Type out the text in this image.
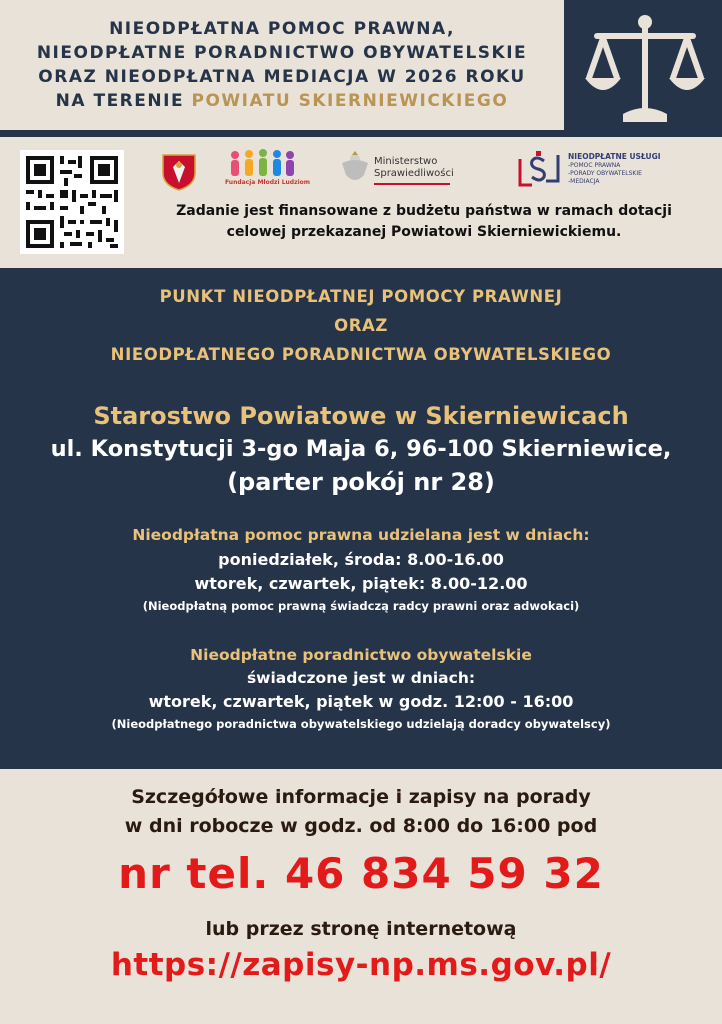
NIEODPŁATNA POMOC PRAWNA,
NIEODPŁATNE PORADNICTWO OBYWATELSKIE
ORAZ NIEODPŁATNA MEDIACJA W 2026 ROKU
NA TERENIE POWIATU SKIERNIEWICKIEGO
Fundacja Młodzi Ludziom
Ministerstwo
Sprawiedliwości
NIEODPŁATNE USŁUGI
-POMOC PRAWNA
-PORADY OBYWATELSKIE
-MEDIACJA
Zadanie jest finansowane z budżetu państwa w ramach dotacji
celowej przekazanej Powiatowi Skierniewickiemu.
PUNKT NIEODPŁATNEJ POMOCY PRAWNEJ
ORAZ
NIEODPŁATNEGO PORADNICTWA OBYWATELSKIEGO
Starostwo Powiatowe w Skierniewicach
ul. Konstytucji 3-go Maja 6, 96-100 Skierniewice,
(parter pokój nr 28)
Nieodpłatna pomoc prawna udzielana jest w dniach:
poniedziałek, środa: 8.00-16.00
wtorek, czwartek, piątek: 8.00-12.00
(Nieodpłatną pomoc prawną świadczą radcy prawni oraz adwokaci)
Nieodpłatne poradnictwo obywatelskie
świadczone jest w dniach:
wtorek, czwartek, piątek w godz. 12:00 - 16:00
(Nieodpłatnego poradnictwa obywatelskiego udzielają doradcy obywatelscy)
Szczegółowe informacje i zapisy na porady
w dni robocze w godz. od 8:00 do 16:00 pod
nr tel. 46 834 59 32
lub przez stronę internetową
https://zapisy-np.ms.gov.pl/
